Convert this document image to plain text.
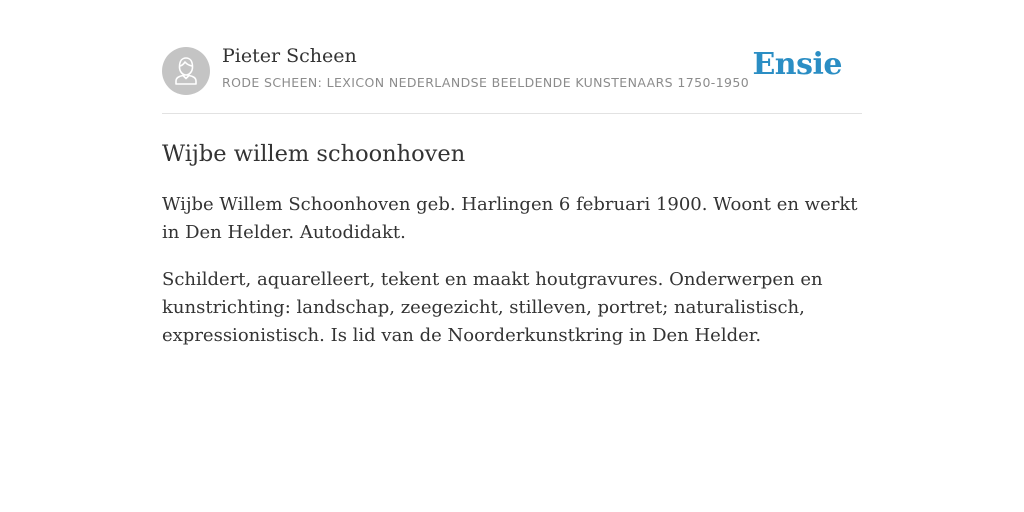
Pieter Scheen
RODE SCHEEN: LEXICON NEDERLANDSE BEELDENDE KUNSTENAARS 1750-1950
Ensie
Wijbe willem schoonhoven

Wijbe Willem Schoonhoven geb. Harlingen 6 februari 1900. Woont en werkt in Den Helder. Autodidakt.

Schildert, aquarelleert, tekent en maakt houtgravures. Onderwerpen en kunstrichting: landschap, zeegezicht, stilleven, portret; naturalistisch, expressionistisch. Is lid van de Noorderkunstkring in Den Helder.
